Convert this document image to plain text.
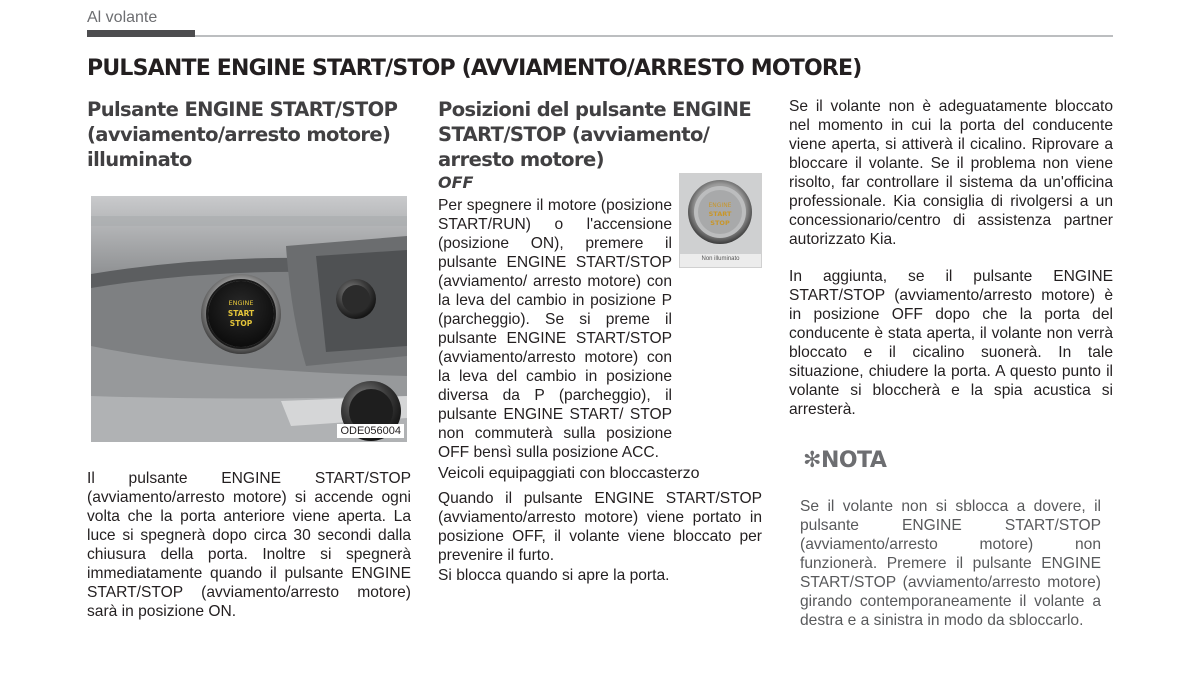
Al volante
PULSANTE ENGINE START/STOP (AVVIAMENTO/ARRESTO MOTORE)
Pulsante ENGINE START/STOP (avviamento/arresto motore) illuminato
ENGINE
START
STOP
ODE056004

Il pulsante ENGINE START/STOP (avviamento/arresto motore) si accende ogni volta che la porta anteriore viene aperta. La luce si spegnerà dopo circa 30 secondi dalla chiusura della porta. Inoltre si spegnerà immediatamente quando il pulsante ENGINE START/STOP (avviamento/arresto motore) sarà in posizione ON.

Posizioni del pulsante ENGINE START/STOP (avviamento/ arresto motore)
OFF
ENGINE
START
STOP
Non illuminato

Per spegnere il motore (posizione START/RUN) o l'accensione (posizione ON), premere il pulsante ENGINE START/STOP (avviamento/ arresto motore) con la leva del cambio in posizione P (parcheggio). Se si preme il pulsante ENGINE START/STOP (avviamento/arresto motore) con la leva del cambio in posizione diversa da P (parcheggio), il pulsante ENGINE START/ STOP non commuterà sulla posizione OFF bensì sulla posizione ACC.

Veicoli equipaggiati con bloccasterzo

Quando il pulsante ENGINE START/STOP (avviamento/arresto motore) viene portato in posizione OFF, il volante viene bloccato per prevenire il furto.

Si blocca quando si apre la porta.

Se il volante non è adeguatamente bloccato nel momento in cui la porta del conducente viene aperta, si attiverà il cicalino. Riprovare a bloccare il volante. Se il problema non viene risolto, far controllare il sistema da un'officina professionale. Kia consiglia di rivolgersi a un concessionario/centro di assistenza partner autorizzato Kia.

In aggiunta, se il pulsante ENGINE START/STOP (avviamento/arresto motore) è in posizione OFF dopo che la porta del conducente è stata aperta, il volante non verrà bloccato e il cicalino suonerà. In tale situazione, chiudere la porta. A questo punto il volante si bloccherà e la spia acustica si arresterà.

✻NOTA

Se il volante non si sblocca a dovere, il pulsante ENGINE START/STOP (avviamento/arresto motore) non funzionerà. Premere il pulsante ENGINE START/STOP (avviamento/arresto motore) girando contemporaneamente il volante a destra e a sinistra in modo da sbloccarlo.
